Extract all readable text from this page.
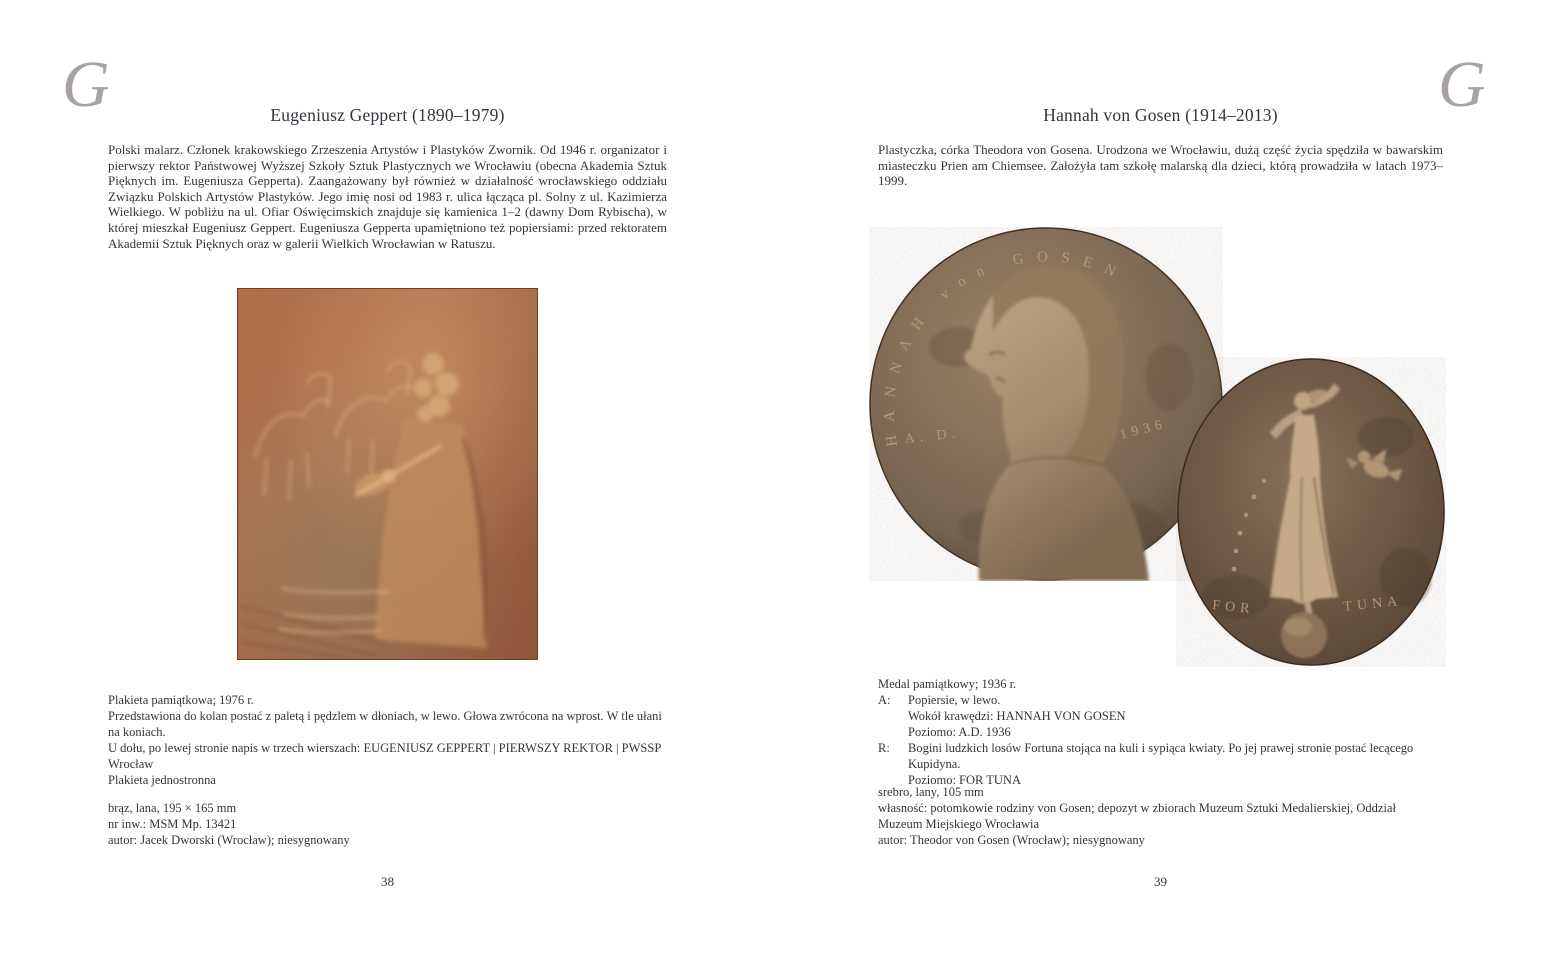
G	Eugeniusz Geppert (1890–1979)

Polski malarz. Członek krakowskiego Zrzeszenia Artystów i Plastyków Zwornik. Od 1946 r. organizator i pierwszy rektor Państwowej Wyższej Szkoły Sztuk Plastycznych we Wrocławiu (obecna Akademia Sztuk Pięknych im. Eugeniusza Gepperta). Zaangażowany był również w działalność wrocławskiego oddziału Związku Polskich Artystów Plastyków. Jego imię nosi od 1983 r. ulica łącząca pl. Solny z ul. Kazimierza Wielkiego. W pobliżu na ul. Ofiar Oświęcimskich znajduje się kamienica 1–2 (dawny Dom Rybischa), w której mieszkał Eugeniusz Geppert. Eugeniusza Gepperta upamiętniono też popiersiami: przed rektoratem Akademii Sztuk Pięknych oraz w galerii Wielkich Wrocławian w Ratuszu.

Plakieta pamiątkowa; 1976 r.

Przedstawiona do kolan postać z paletą i pędzlem w dłoniach, w lewo. Głowa zwrócona na wprost. W tle ułani na koniach.

U dołu, po lewej stronie napis w trzech wierszach: EUGENIUSZ GEPPERT | PIERWSZY REKTOR | PWSSP Wrocław

Plakieta jednostronna

brąz, lana, 195 × 165 mm

nr inw.: MSM Mp. 13421

autor: Jacek Dworski (Wrocław); niesygnowany

38
G
Hannah von Gosen (1914–2013)

Plastyczka, córka Theodora von Gosena. Urodzona we Wrocławiu, dużą część życia spędziła w bawarskim miasteczku Prien am Chiemsee. Założyła tam szkołę malarską dla dzieci, którą prowadziła w latach 1973–1999.

Medal pamiątkowy; 1936 r.

A:	Popiersie, w lewo.
Wokół krawędzi: HANNAH VON GOSEN
Poziomo: A.D. 1936
R:	Bogini ludzkich losów Fortuna stojąca na kuli i sypiąca kwiaty. Po jej prawej stronie postać lecącego Kupidyna.
Poziomo: FOR TUNA

srebro, lany, 105 mm

własność: potomkowie rodziny von Gosen; depozyt w zbiorach Muzeum Sztuki Medalierskiej, Oddział Muzeum Miejskiego Wrocławia

autor: Theodor von Gosen (Wrocław); niesygnowany

39
